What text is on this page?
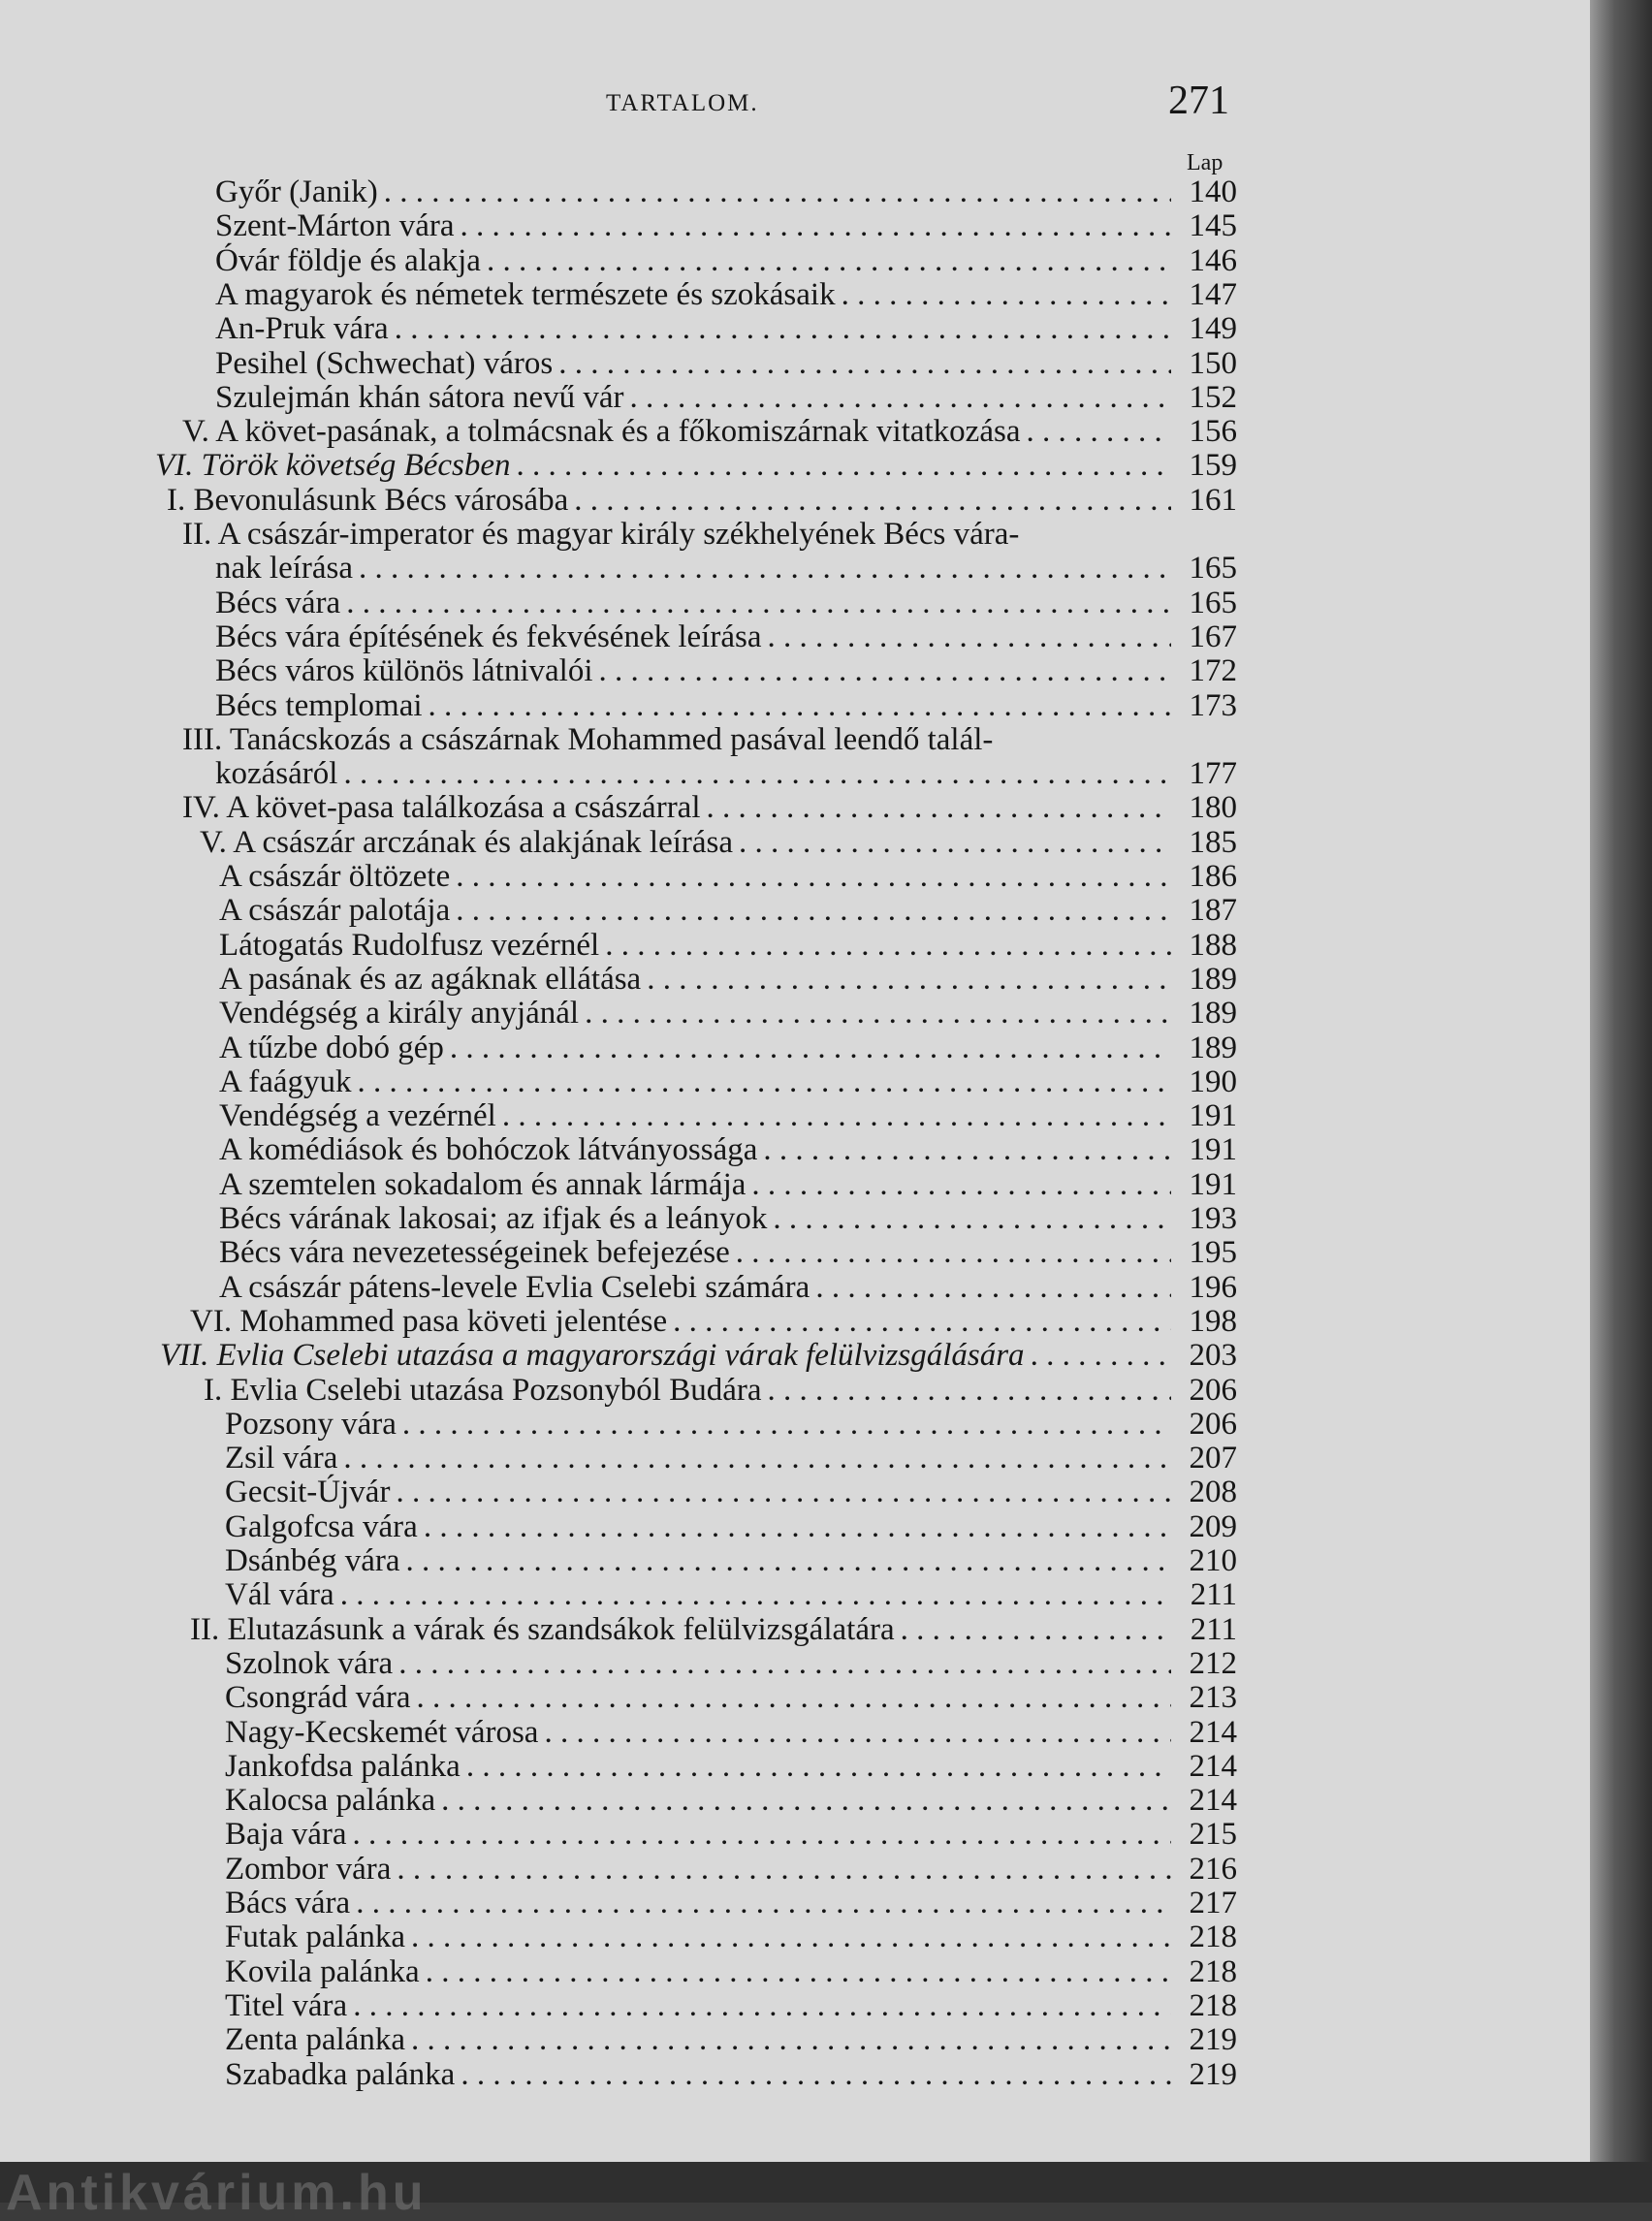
TARTALOM.	271
Lap
Győr (Janik) . . .	140
Szent-Márton vára . . .	145
Óvár földje és alakja . . .	146
A magyarok és németek természete és szokásaik . . .	147
An-Pruk vára . . .	149
Pesihel (Schwechat) város . . .	150
Szulejmán khán sátora nevű vár . . .	152
V. A követ-pasának, a tolmácsnak és a főkomiszárnak vitatkozása . . .	156
VI. Török követség Bécsben . . .	159
I. Bevonulásunk Bécs városába . . .	161
II. A császár-imperator és magyar király székhelyének Bécs vára-
nak leírása . . .	165
Bécs vára . . .	165
Bécs vára építésének és fekvésének leírása . . .	167
Bécs város különös látnivalói . . .	172
Bécs templomai . . .	173
III. Tanácskozás a császárnak Mohammed pasával leendő talál-
kozásáról . . .	177
IV. A követ-pasa találkozása a császárral . . .	180
V. A császár arczának és alakjának leírása . . .	185
A császár öltözete . . .	186
A császár palotája . . .	187
Látogatás Rudolfusz vezérnél . . .	188
A pasának és az agáknak ellátása . . .	189
Vendégség a király anyjánál . . .	189
A tűzbe dobó gép . . .	189
A faágyuk . . .	190
Vendégség a vezérnél . . .	191
A komédiások és bohóczok látványossága . . .	191
A szemtelen sokadalom és annak lármája . . .	191
Bécs várának lakosai; az ifjak és a leányok . . .	193
Bécs vára nevezetességeinek befejezése . . .	195
A császár pátens-levele Evlia Cselebi számára . . .	196
VI. Mohammed pasa követi jelentése . . .	198
VII. Evlia Cselebi utazása a magyarországi várak felülvizsgálására . . .	203
I. Evlia Cselebi utazása Pozsonyból Budára . . .	206
Pozsony vára . . .	206
Zsil vára . . .	207
Gecsit-Újvár . . .	208
Galgofcsa vára . . .	209
Dsánbég vára . . .	210
Vál vára . . .	211
II. Elutazásunk a várak és szandsákok felülvizsgálatára . . .	211
Szolnok vára . . .	212
Csongrád vára . . .	213
Nagy-Kecskemét városa . . .	214
Jankofdsa palánka . . .	214
Kalocsa palánka . . .	214
Baja vára . . .	215
Zombor vára . . .	216
Bács vára . . .	217
Futak palánka . . .	218
Kovila palánka . . .	218
Titel vára . . .	218
Zenta palánka . . .	219
Szabadka palánka . . .	219
Antikvárium.hu
